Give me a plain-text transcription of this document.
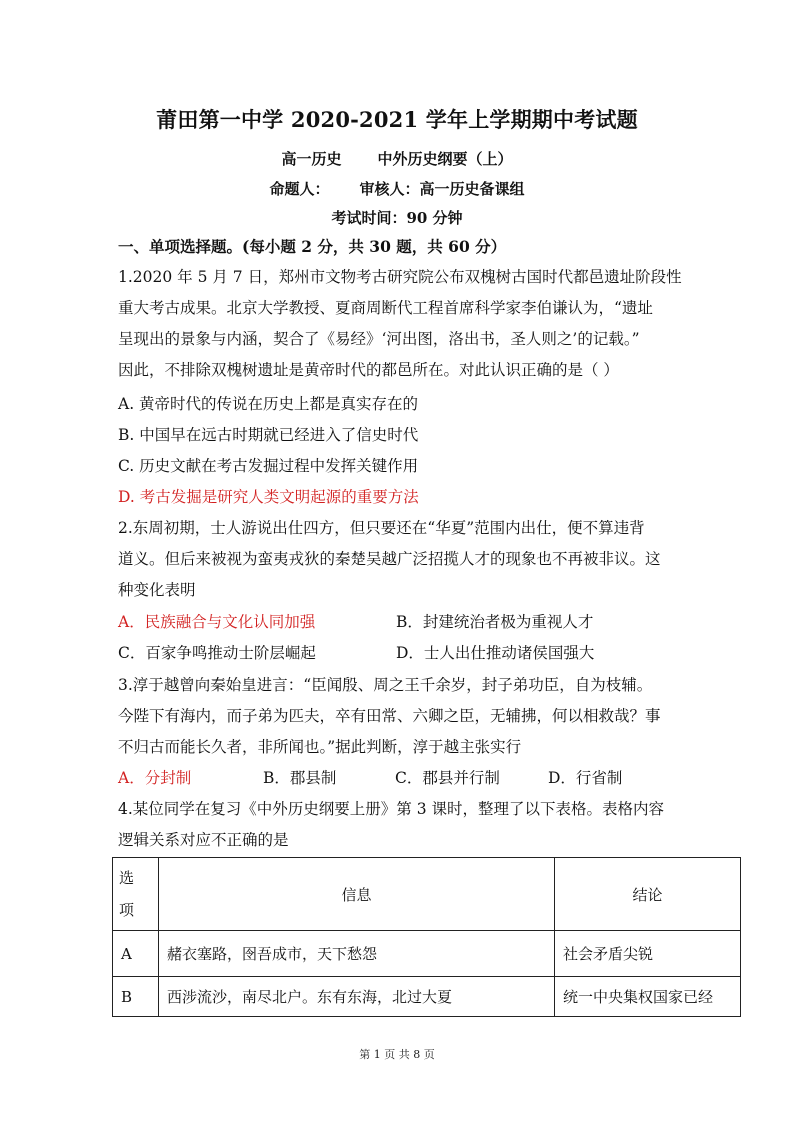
莆田第一中学 2020-2021 学年上学期期中考试题
高一历史 中外历史纲要（上）
命题人： 审核人：高一历史备课组
考试时间：90 分钟
一、单项选择题。(每小题 2 分，共 30 题，共 60 分）
1.2020 年 5 月 7 日，郑州市文物考古研究院公布双槐树古国时代都邑遗址阶段性
重大考古成果。北京大学教授、夏商周断代工程首席科学家李伯谦认为，“遗址
呈现出的景象与内涵，契合了《易经》‘河出图，洛出书，圣人则之’的记载。”
因此，不排除双槐树遗址是黄帝时代的都邑所在。对此认识正确的是（ ）
A. 黄帝时代的传说在历史上都是真实存在的
B. 中国早在远古时期就已经进入了信史时代
C. 历史文献在考古发掘过程中发挥关键作用
D. 考古发掘是研究人类文明起源的重要方法
2.东周初期，士人游说出仕四方，但只要还在“华夏”范围内出仕，便不算违背
道义。但后来被视为蛮夷戎狄的秦楚吴越广泛招揽人才的现象也不再被非议。这
种变化表明
A．民族融合与文化认同加强	B．封建统治者极为重视人才
C．百家争鸣推动士阶层崛起	D．士人出仕推动诸侯国强大
3.淳于越曾向秦始皇进言：“臣闻殷、周之王千余岁，封子弟功臣，自为枝辅。
今陛下有海内，而子弟为匹夫，卒有田常、六卿之臣，无辅拂，何以相救哉？事
不归古而能长久者，非所闻也。”据此判断，淳于越主张实行
A．分封制	B．郡县制	C．郡县并行制	D．行省制
4.某位同学在复习《中外历史纲要上册》第 3 课时，整理了以下表格。表格内容
逻辑关系对应不正确的是
选
项	信息	结论
A	赭衣塞路，囹吾成市，天下愁怨	社会矛盾尖锐
B	西涉流沙，南尽北户。东有东海，北过大夏	统一中央集权国家已经
第 1 页 共 8 页
